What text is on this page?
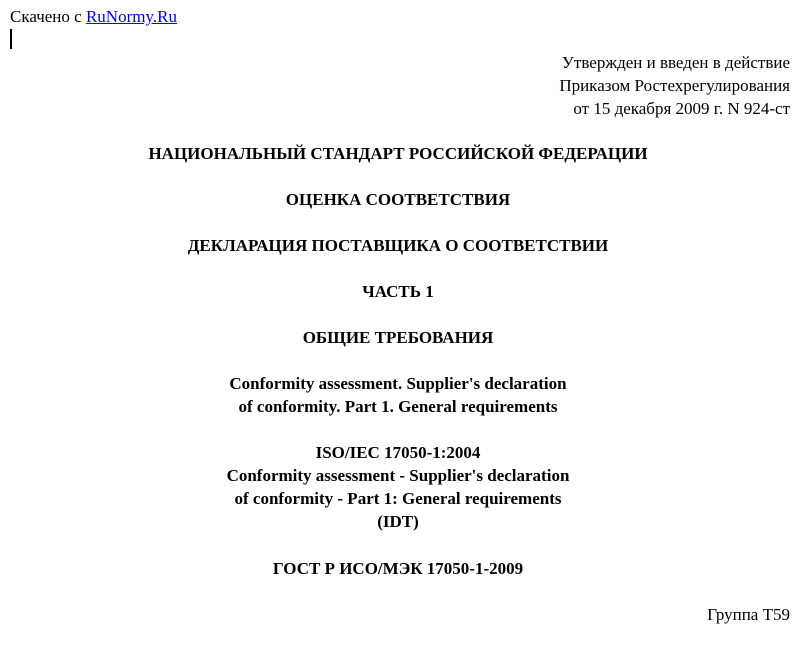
Скачено с RuNormy.Ru
Утвержден и введен в действие
Приказом Ростехрегулирования
от 15 декабря 2009 г. N 924-ст
НАЦИОНАЛЬНЫЙ СТАНДАРТ РОССИЙСКОЙ ФЕДЕРАЦИИ
ОЦЕНКА СООТВЕТСТВИЯ
ДЕКЛАРАЦИЯ ПОСТАВЩИКА О СООТВЕТСТВИИ
ЧАСТЬ 1
ОБЩИЕ ТРЕБОВАНИЯ
Conformity assessment. Supplier's declaration
of conformity. Part 1. General requirements
ISO/IEC 17050-1:2004
Conformity assessment - Supplier's declaration
of conformity - Part 1: General requirements
(IDT)
ГОСТ Р ИСО/МЭК 17050-1-2009
Группа Т59
